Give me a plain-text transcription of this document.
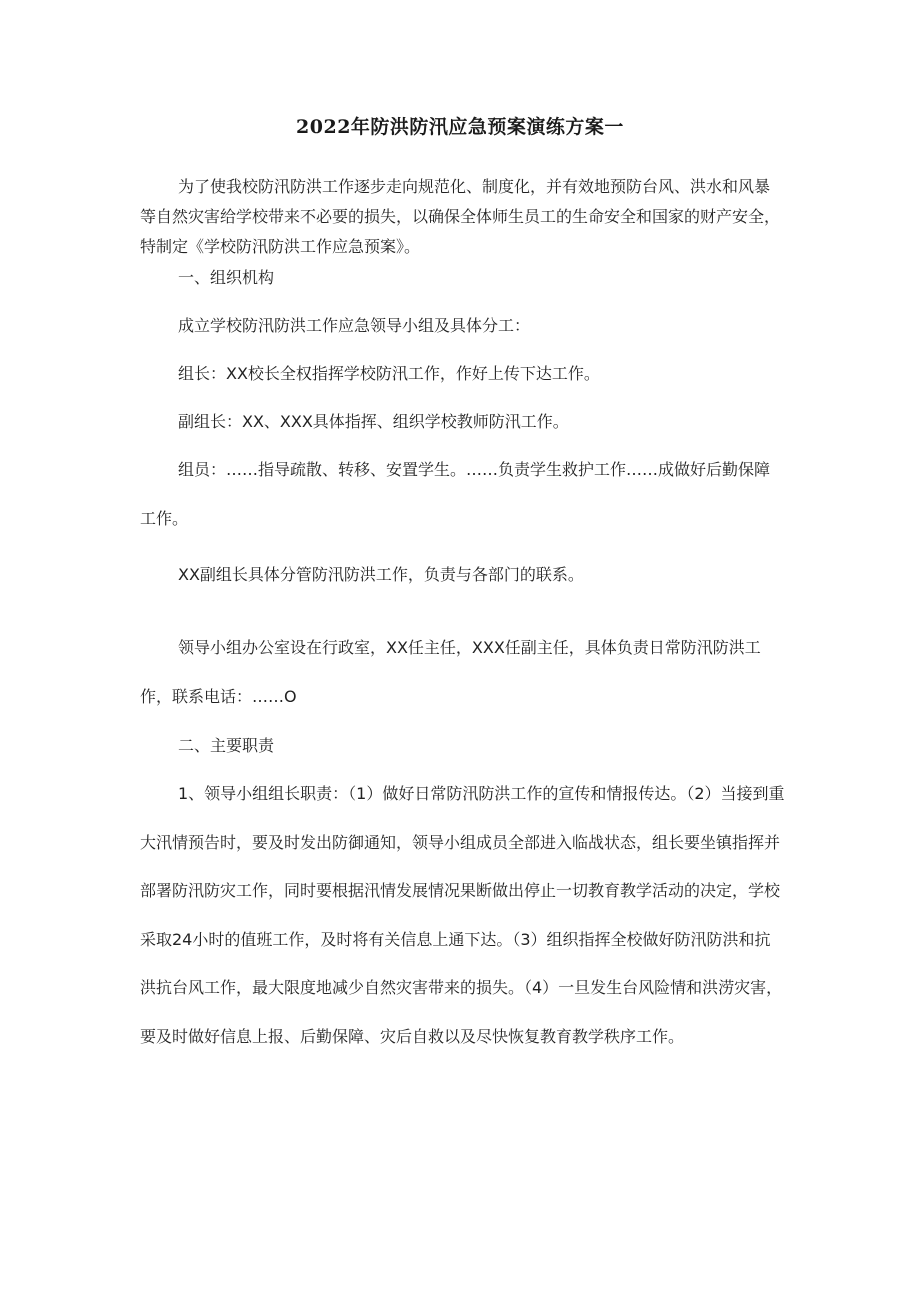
2022年防洪防汛应急预案演练方案一

为了使我校防汛防洪工作逐步走向规范化、制度化，并有效地预防台风、洪水和风暴等自然灾害给学校带来不必要的损失，以确保全体师生员工的生命安全和国家的财产安全，特制定《学校防汛防洪工作应急预案》。

一、组织机构

成立学校防汛防洪工作应急领导小组及具体分工：

组长：XX校长全权指挥学校防汛工作，作好上传下达工作。

副组长：XX、XXX具体指挥、组织学校教师防汛工作。

组员：……指导疏散、转移、安置学生。……负责学生救护工作……成做好后勤保障工作。

XX副组长具体分管防汛防洪工作，负责与各部门的联系。

领导小组办公室设在行政室，XX任主任，XXX任副主任，具体负责日常防汛防洪工作，联系电话：……O

二、主要职责

1、领导小组组长职责：（1）做好日常防汛防洪工作的宣传和情报传达。（2）当接到重大汛情预告时，要及时发出防御通知，领导小组成员全部进入临战状态，组长要坐镇指挥并部署防汛防灾工作，同时要根据汛情发展情况果断做出停止一切教育教学活动的决定，学校采取24小时的值班工作，及时将有关信息上通下达。（3）组织指挥全校做好防汛防洪和抗洪抗台风工作，最大限度地减少自然灾害带来的损失。（4）一旦发生台风险情和洪涝灾害，要及时做好信息上报、后勤保障、灾后自救以及尽快恢复教育教学秩序工作。
